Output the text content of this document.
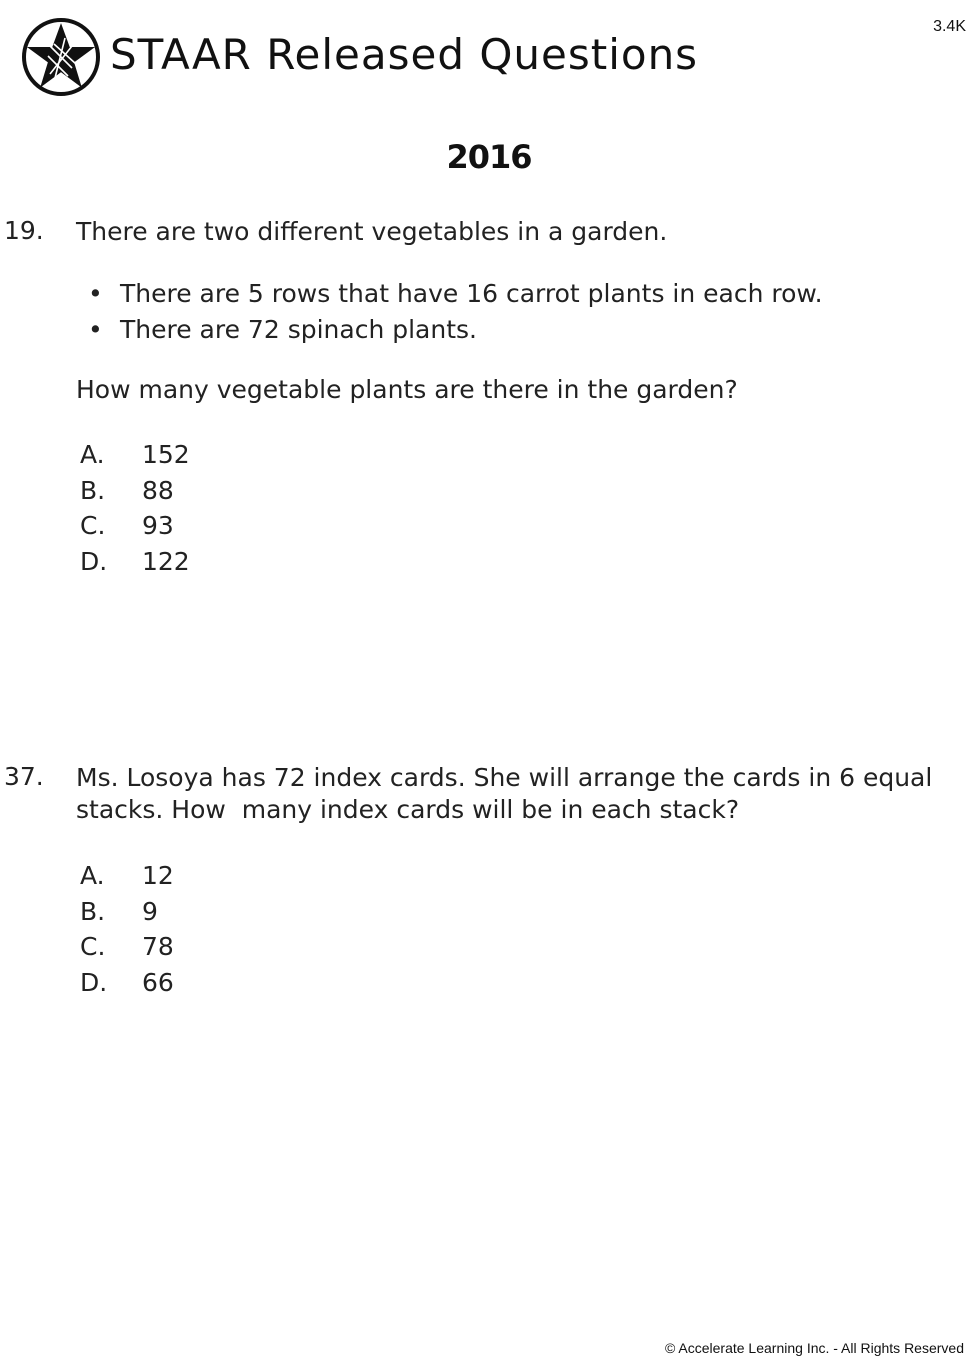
STAAR Released Questions
3.4K
2016
19. There are two different vegetables in a garden.
• There are 5 rows that have 16 carrot plants in each row.
• There are 72 spinach plants.
How many vegetable plants are there in the garden?
A. 152
B. 88
C. 93
D. 122
37. Ms. Losoya has 72 index cards. She will arrange the cards in 6 equal
stacks. How  many index cards will be in each stack?
A. 12
B. 9
C. 78
D. 66
© Accelerate Learning Inc. - All Rights Reserved
